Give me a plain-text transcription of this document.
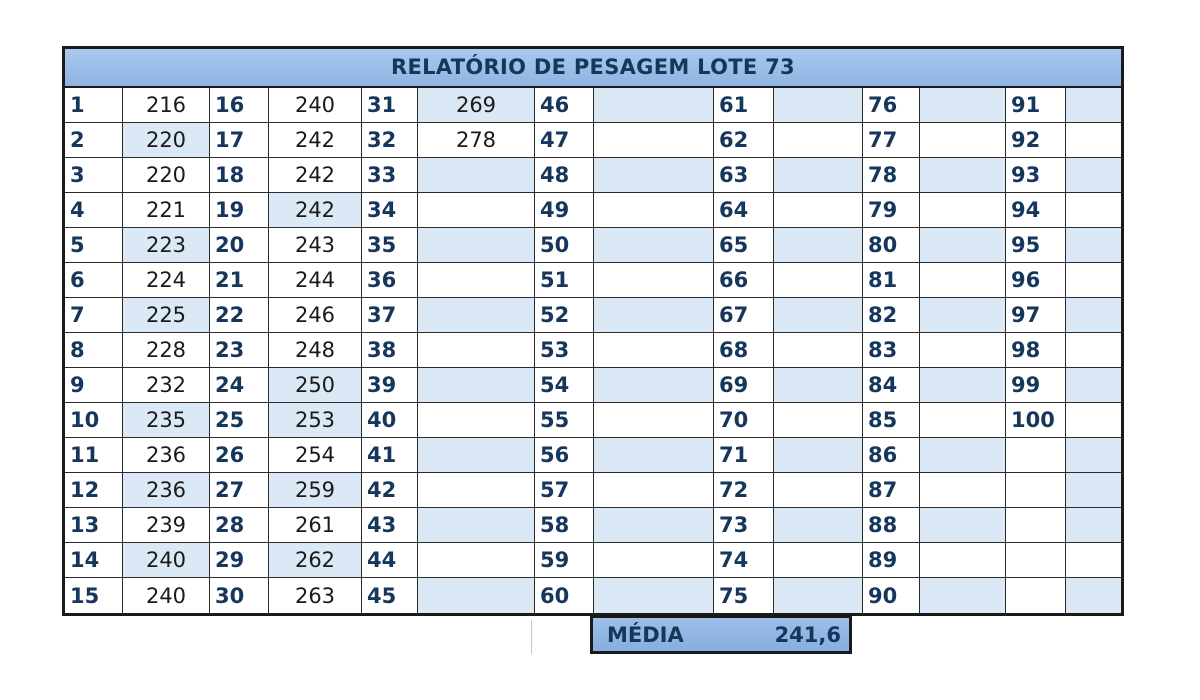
RELATÓRIO DE PESAGEM LOTE 73
1	216	16	240	31	269	46	61	76	91
2	220	17	242	32	278	47	62	77	92
3	220	18	242	33	48	63	78	93
4	221	19	242	34	49	64	79	94
5	223	20	243	35	50	65	80	95
6	224	21	244	36	51	66	81	96
7	225	22	246	37	52	67	82	97
8	228	23	248	38	53	68	83	98
9	232	24	250	39	54	69	84	99
10	235	25	253	40	55	70	85	100
11	236	26	254	41	56	71	86
12	236	27	259	42	57	72	87
13	239	28	261	43	58	73	88
14	240	29	262	44	59	74	89
15	240	30	263	45	60	75	90
MÉDIA	241,6
